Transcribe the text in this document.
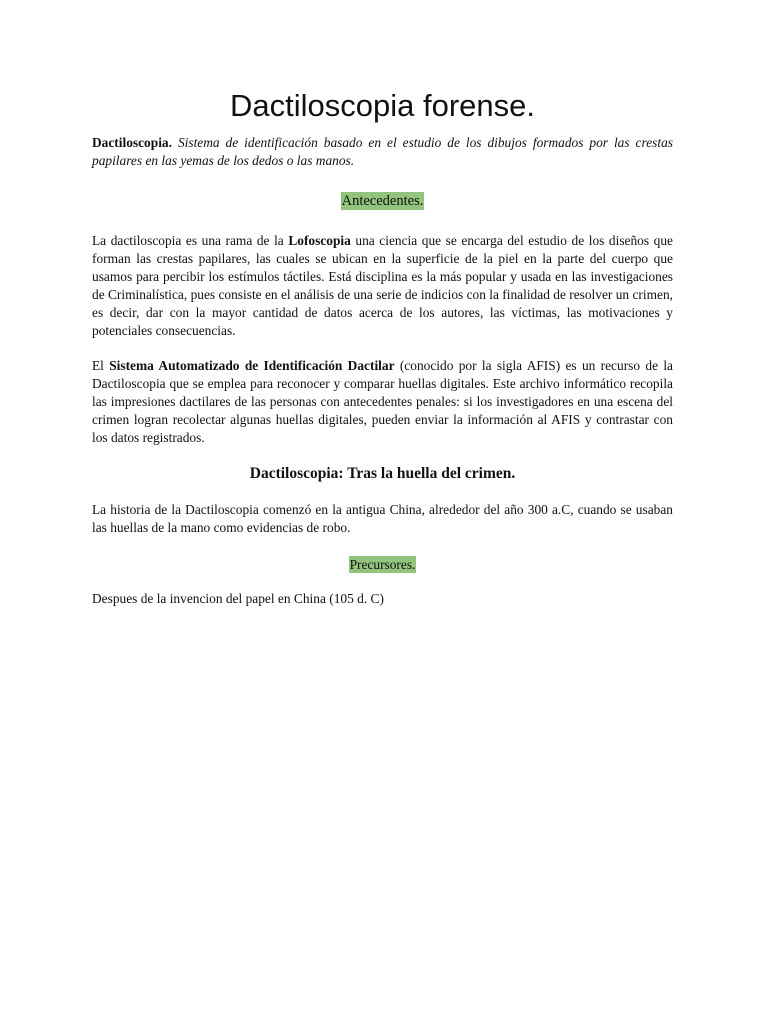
Dactiloscopia forense.

Dactiloscopia. Sistema de identificación basado en el estudio de los dibujos formados por las crestas papilares en las yemas de los dedos o las manos.

Antecedentes.

La dactiloscopia es una rama de la Lofoscopia una ciencia que se encarga del estudio de los diseños que forman las crestas papilares, las cuales se ubican en la superficie de la piel en la parte del cuerpo que usamos para percibir los estímulos táctiles. Está disciplina es la más popular y usada en las investigaciones de Criminalística, pues consiste en el análisis de una serie de indicios con la finalidad de resolver un crimen, es decir, dar con la mayor cantidad de datos acerca de los autores, las víctimas, las motivaciones y potenciales consecuencias.

El Sistema Automatizado de Identificación Dactilar (conocido por la sigla AFIS) es un recurso de la Dactiloscopia que se emplea para reconocer y comparar huellas digitales. Este archivo informático recopila las impresiones dactilares de las personas con antecedentes penales: si los investigadores en una escena del crimen logran recolectar algunas huellas digitales, pueden enviar la información al AFIS y contrastar con los datos registrados.

Dactiloscopia: Tras la huella del crimen.

La historia de la Dactiloscopia comenzó en la antigua China, alrededor del año 300 a.C, cuando se usaban las huellas de la mano como evidencias de robo.

Precursores.

Despues de la invencion del papel en China (105 d. C)
